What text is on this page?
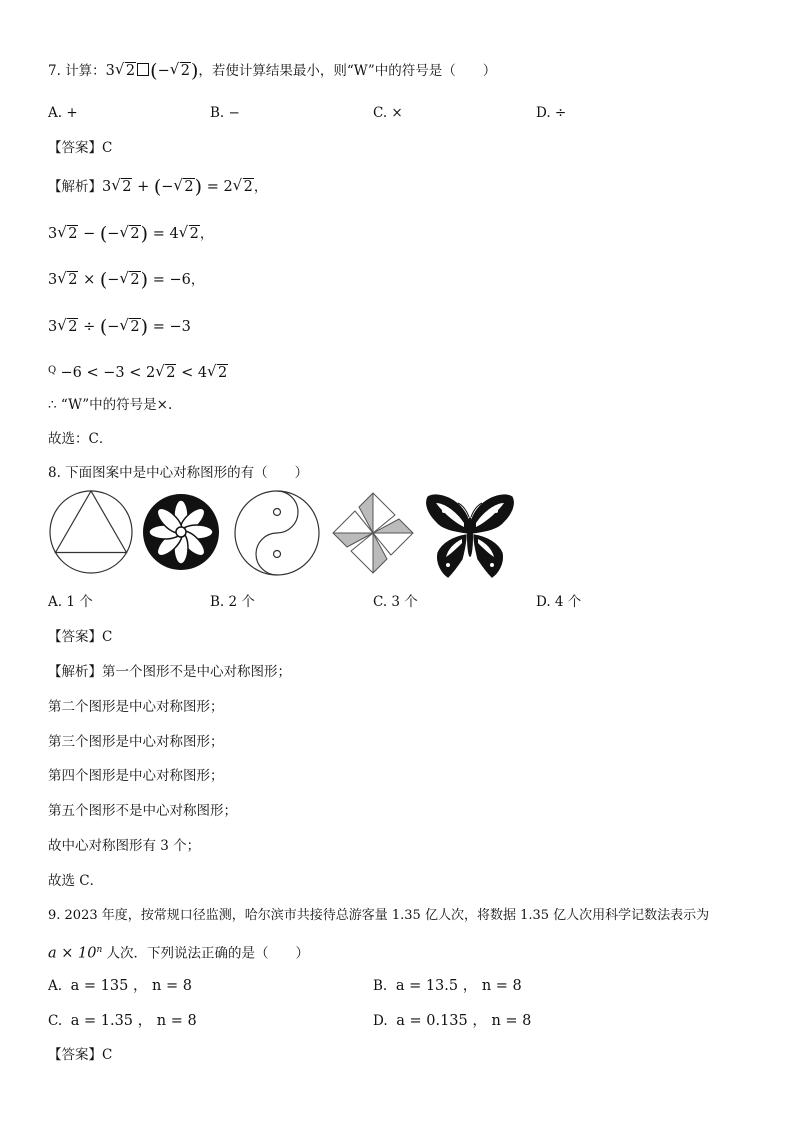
7. 计算：3 √ 2 (− √ 2)，若使计算结果最小，则“W”中的符号是（　　）
A. +	B. −	C. ×	D. ÷
【答案】C
【解析】3 √ 2 + (− √ 2) = 2 √ 2，
3 √ 2 − (− √ 2) = 4 √ 2，
3 √ 2 × (− √ 2) = −6，
3 √ 2 ÷ (− √ 2) = −3
$^Q$ −6 < −3 < 2 √ 2 < 4 √ 2
∴ “W”中的符号是×.
故选：C．
8. 下面图案中是中心对称图形的有（　　）
A. 1 个	B. 2 个	C. 3 个	D. 4 个
【答案】C
【解析】第一个图形不是中心对称图形；
第二个图形是中心对称图形；
第三个图形是中心对称图形；
第四个图形是中心对称图形；
第五个图形不是中心对称图形；
故中心对称图形有 3 个；
故选 C．
9. 2023 年度，按常规口径监测，哈尔滨市共接待总游客量 1.35 亿人次，将数据 1.35 亿人次用科学记数法表示为
$a \times 10^n$ 人次．下列说法正确的是（　　）
A. a = 135 ， n = 8	B. a = 13.5 ， n = 8
C. a = 1.35 ， n = 8	D. a = 0.135 ， n = 8
【答案】C
